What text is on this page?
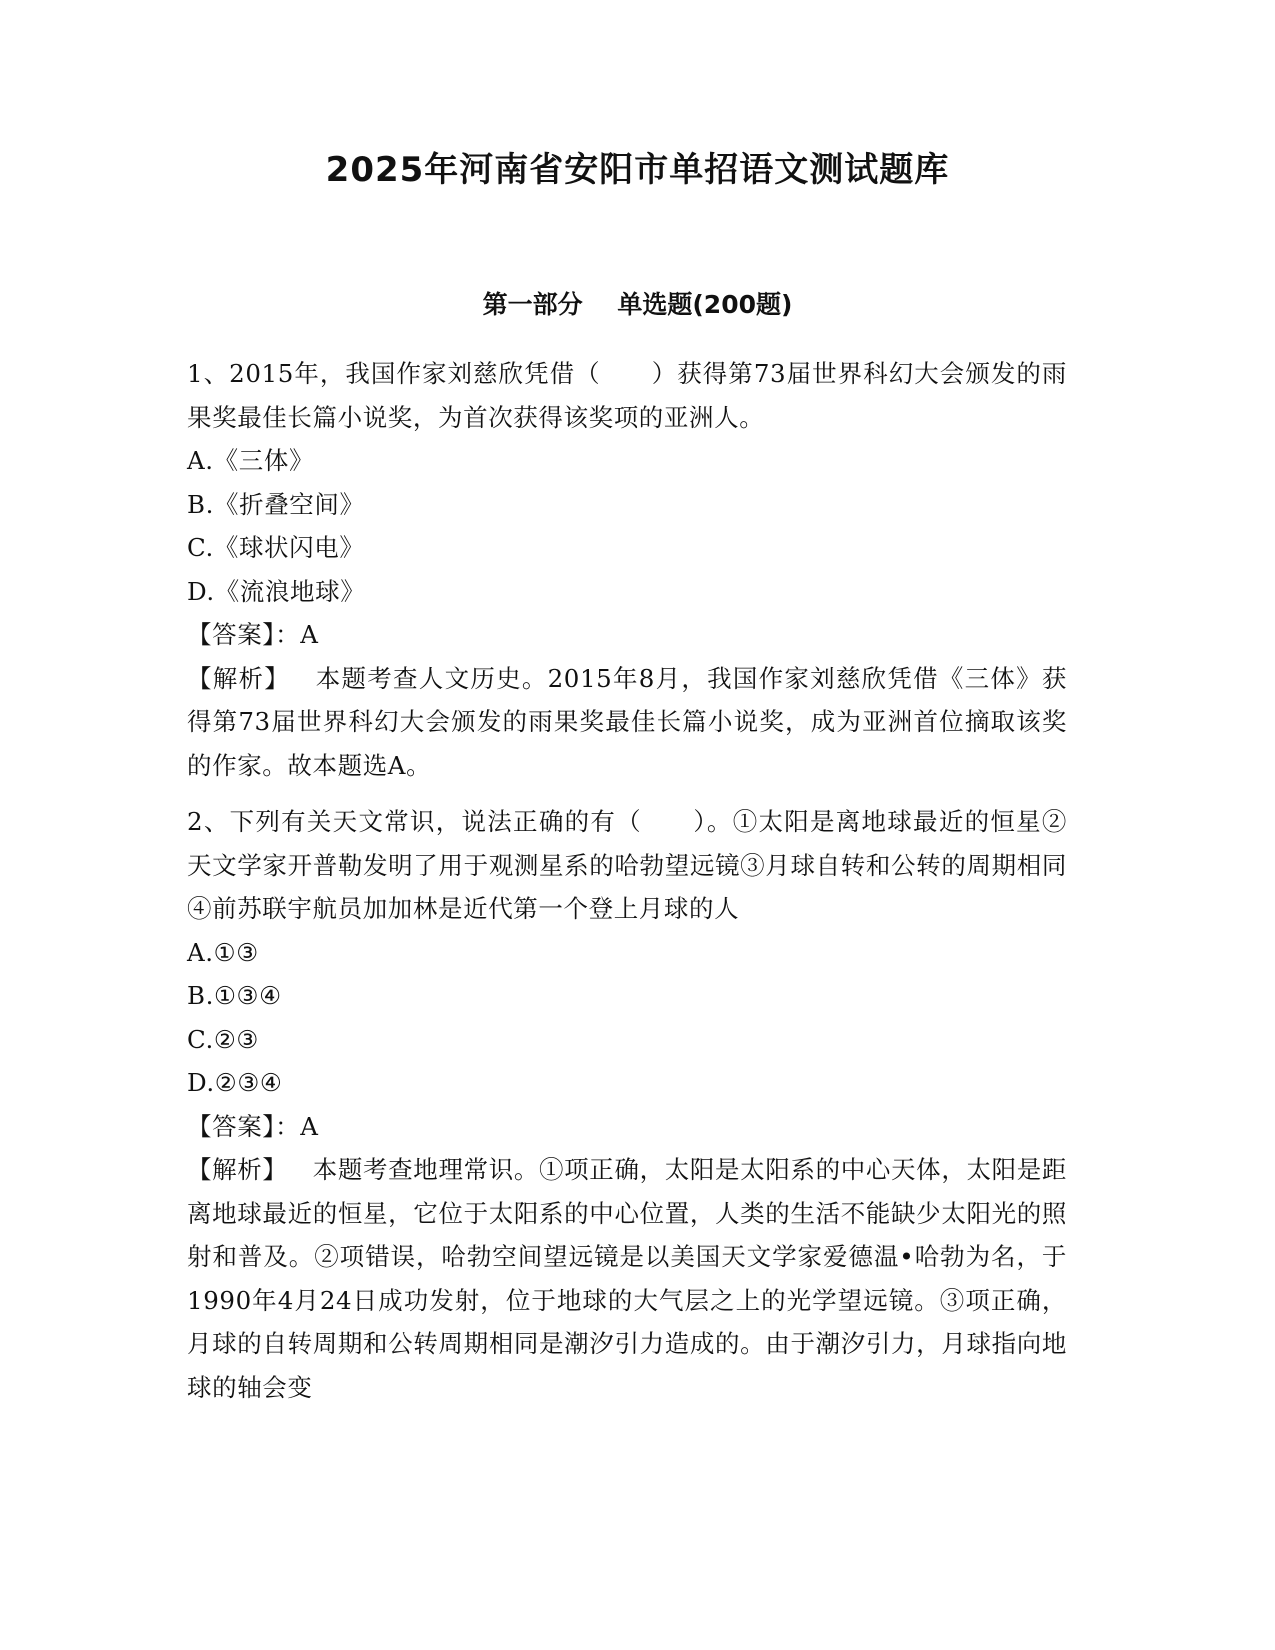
2025年河南省安阳市单招语文测试题库
第一部分    单选题(200题)

1、2015年，我国作家刘慈欣凭借（　　）获得第73届世界科幻大会颁发的雨果奖最佳长篇小说奖，为首次获得该奖项的亚洲人。

A.《三体》

B.《折叠空间》

C.《球状闪电》

D.《流浪地球》

【答案】：A

【解析】  本题考查人文历史。2015年8月，我国作家刘慈欣凭借《三体》获得第73届世界科幻大会颁发的雨果奖最佳长篇小说奖，成为亚洲首位摘取该奖的作家。故本题选A。

2、下列有关天文常识，说法正确的有（　　）。①太阳是离地球最近的恒星②天文学家开普勒发明了用于观测星系的哈勃望远镜③月球自转和公转的周期相同④前苏联宇航员加加林是近代第一个登上月球的人

A.①③

B.①③④

C.②③

D.②③④

【答案】：A

【解析】  本题考查地理常识。①项正确，太阳是太阳系的中心天体，太阳是距离地球最近的恒星，它位于太阳系的中心位置，人类的生活不能缺少太阳光的照射和普及。②项错误，哈勃空间望远镜是以美国天文学家爱德温•哈勃为名，于1990年4月24日成功发射，位于地球的大气层之上的光学望远镜。③项正确，月球的自转周期和公转周期相同是潮汐引力造成的。由于潮汐引力，月球指向地球的轴会变
